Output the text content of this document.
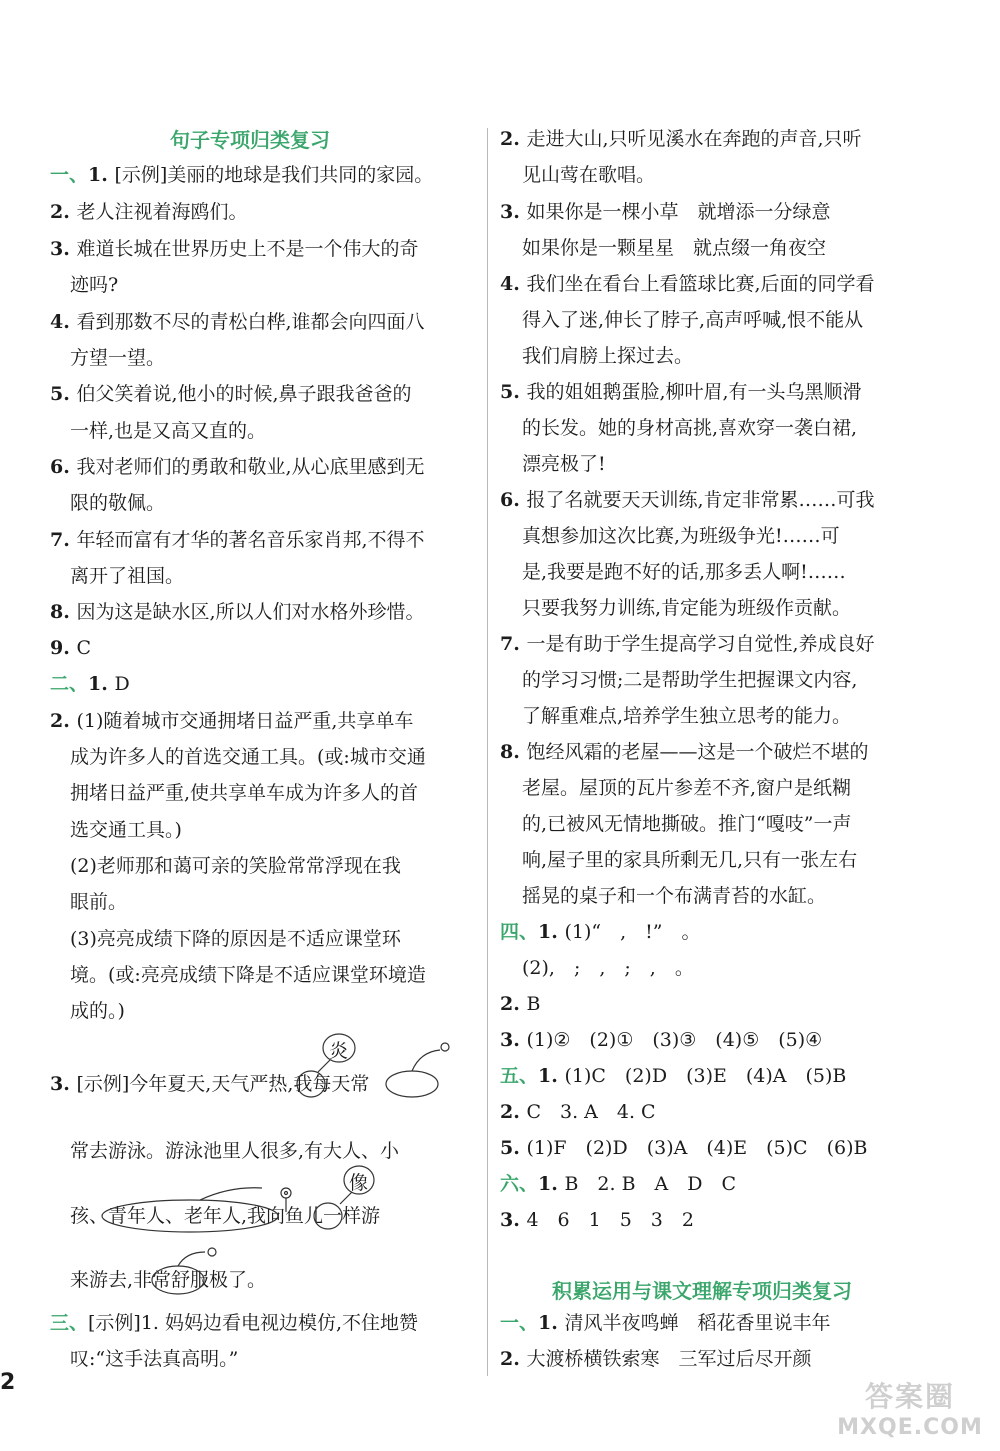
句子专项归类复习
一、1. [示例]美丽的地球是我们共同的家园。
2. 老人注视着海鸥们。
3. 难道长城在世界历史上不是一个伟大的奇
迹吗?
4. 看到那数不尽的青松白桦,谁都会向四面八
方望一望。
5. 伯父笑着说,他小的时候,鼻子跟我爸爸的
一样,也是又高又直的。
6. 我对老师们的勇敢和敬业,从心底里感到无
限的敬佩。
7. 年轻而富有才华的著名音乐家肖邦,不得不
离开了祖国。
8. 因为这是缺水区,所以人们对水格外珍惜。
9. C
二、1. D
2. (1)随着城市交通拥堵日益严重,共享单车
成为许多人的首选交通工具。(或:城市交通
拥堵日益严重,使共享单车成为许多人的首
选交通工具。)
(2)老师那和蔼可亲的笑脸常常浮现在我
眼前。
(3)亮亮成绩下降的原因是不适应课堂环
境。(或:亮亮成绩下降是不适应课堂环境造
成的。)
3. [示例]今年夏天,天气严热,我每天常
常去游泳。游泳池里人很多,有大人、小
孩、青年人、老年人,我向鱼儿一样游
来游去,非常舒服极了。
三、[示例]1. 妈妈边看电视边模仿,不住地赞
叹:“这手法真高明。”
炎
像
2. 走进大山,只听见溪水在奔跑的声音,只听
见山莺在歌唱。
3. 如果你是一棵小草　就增添一分绿意
如果你是一颗星星　就点缀一角夜空
4. 我们坐在看台上看篮球比赛,后面的同学看
得入了迷,伸长了脖子,高声呼喊,恨不能从
我们肩膀上探过去。
5. 我的姐姐鹅蛋脸,柳叶眉,有一头乌黑顺滑
的长发。她的身材高挑,喜欢穿一袭白裙,
漂亮极了!
6. 报了名就要天天训练,肯定非常累……可我
真想参加这次比赛,为班级争光!……可
是,我要是跑不好的话,那多丢人啊!……
只要我努力训练,肯定能为班级作贡献。
7. 一是有助于学生提高学习自觉性,养成良好
的学习习惯;二是帮助学生把握课文内容,
了解重难点,培养学生独立思考的能力。
8. 饱经风霜的老屋——这是一个破烂不堪的
老屋。屋顶的瓦片参差不齐,窗户是纸糊
的,已被风无情地撕破。推门“嘎吱”一声
响,屋子里的家具所剩无几,只有一张左右
摇晃的桌子和一个布满青苔的水缸。
四、1. (1)“　,　!”　。
(2),　;　,　;　,　。
2. B
3. (1)②　(2)①　(3)③　(4)⑤　(5)④
五、1. (1)C　(2)D　(3)E　(4)A　(5)B
2. C　3. A　4. C
5. (1)F　(2)D　(3)A　(4)E　(5)C　(6)B
六、1. B　2. B　A　D　C
3. 4　6　1　5　3　2
积累运用与课文理解专项归类复习
一、1. 清风半夜鸣蝉　稻花香里说丰年
2. 大渡桥横铁索寒　三军过后尽开颜
2	答案圈
MXQE.COM
